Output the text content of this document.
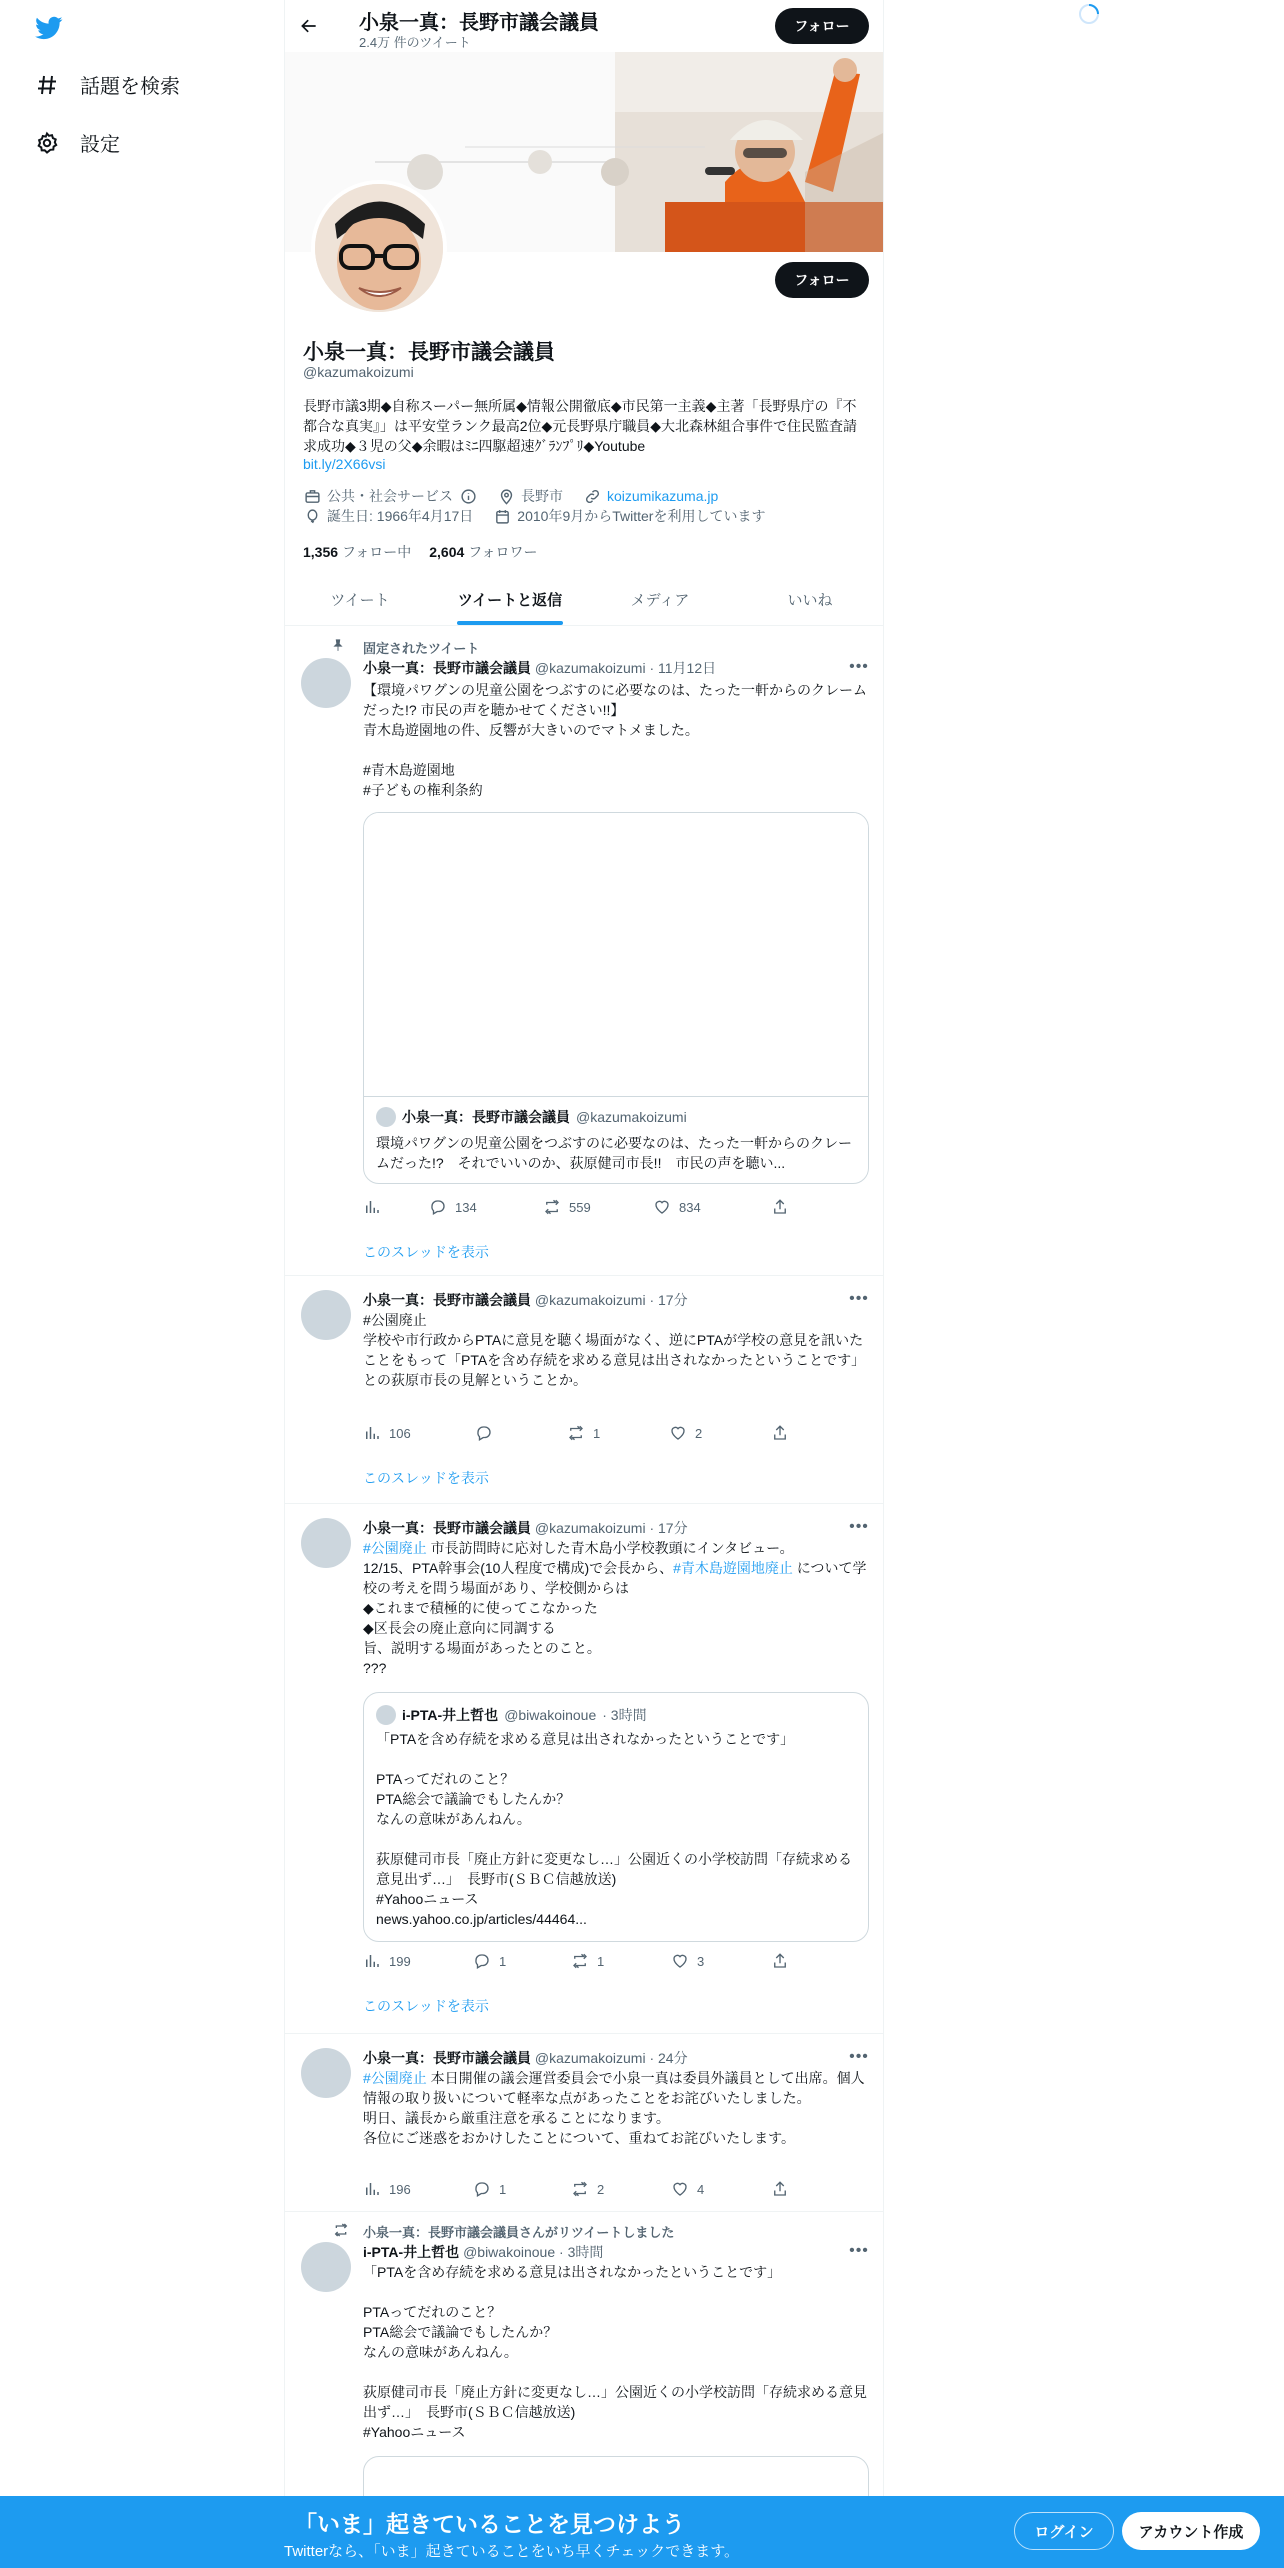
話題を検索
設定
小泉一真：長野市議会議員
2.4万 件のツイート
フォロー
フォロー
小泉一真：長野市議会議員
@kazumakoizumi
長野市議3期◆自称スーパー無所属◆情報公開徹底◆市民第一主義◆主著「長野県庁の『不都合な真実』」は平安堂ランク最高2位◆元長野県庁職員◆大北森林組合事件で住民監査請求成功◆３児の父◆余暇はﾐﾆ四駆超速ｸﾞﾗﾝﾌﾟﾘ◆Youtube
bit.ly/2X66vsi
公共・社会サービス	長野市	koizumikazuma.jp
誕生日: 1966年4月17日	2010年9月からTwitterを利用しています
1,356 フォロー中 2,604 フォロワー
ツイート	ツイートと返信	メディア	いいね
固定されたツイート
小泉一真：長野市議会議員 @kazumakoizumi · 11月12日	•••
【環境パワグンの児童公園をつぶすのに必要なのは、たった一軒からのクレームだった!? 市民の声を聴かせてください!!】
青木島遊園地の件、反響が大きいのでマトメました。
#青木島遊園地
#子どもの権利条約
小泉一真：長野市議会議員 @kazumakoizumi
環境パワグンの児童公園をつぶすのに必要なのは、たった一軒からのクレームだった!?　それでいいのか、荻原健司市長!!　市民の声を聴い...
134	559	834
このスレッドを表示
小泉一真：長野市議会議員 @kazumakoizumi · 17分	•••
#公園廃止
学校や市行政からPTAに意見を聴く場面がなく、逆にPTAが学校の意見を訊いたことをもって「PTAを含め存続を求める意見は出されなかったということです」
との荻原市長の見解ということか。
106	1	2
このスレッドを表示
小泉一真：長野市議会議員 @kazumakoizumi · 17分	•••
#公園廃止 市長訪問時に応対した青木島小学校教頭にインタビュー。
12/15、PTA幹事会(10人程度で構成)で会長から、#青木島遊園地廃止 について学校の考えを問う場面があり、学校側からは
◆これまで積極的に使ってこなかった
◆区長会の廃止意向に同調する
旨、説明する場面があったとのこと。
???
i-PTA-井上哲也 @biwakoinoue · 3時間
「PTAを含め存続を求める意見は出されなかったということです」

PTAってだれのこと？
PTA総会で議論でもしたんか？
なんの意味があんねん。

荻原健司市長「廃止方針に変更なし…」公園近くの小学校訪問「存続求める意見出ず…」　長野市(ＳＢＣ信越放送)
#Yahooニュース
news.yahoo.co.jp/articles/44464...
199	1	1	3
このスレッドを表示
小泉一真：長野市議会議員 @kazumakoizumi · 24分	•••
#公園廃止 本日開催の議会運営委員会で小泉一真は委員外議員として出席。個人情報の取り扱いについて軽率な点があったことをお詫びいたしました。
明日、議長から厳重注意を承ることになります。
各位にご迷惑をおかけしたことについて、重ねてお詫びいたします。
196	1	2	4
小泉一真：長野市議会議員さんがリツイートしました
i-PTA-井上哲也 @biwakoinoue · 3時間	•••
「PTAを含め存続を求める意見は出されなかったということです」

PTAってだれのこと？
PTA総会で議論でもしたんか？
なんの意味があんねん。

荻原健司市長「廃止方針に変更なし…」公園近くの小学校訪問「存続求める意見出ず…」　長野市(ＳＢＣ信越放送)
#Yahooニュース
「いま」起きていることを見つけよう
Twitterなら、「いま」起きていることをいち早くチェックできます。
ログイン	アカウント作成
